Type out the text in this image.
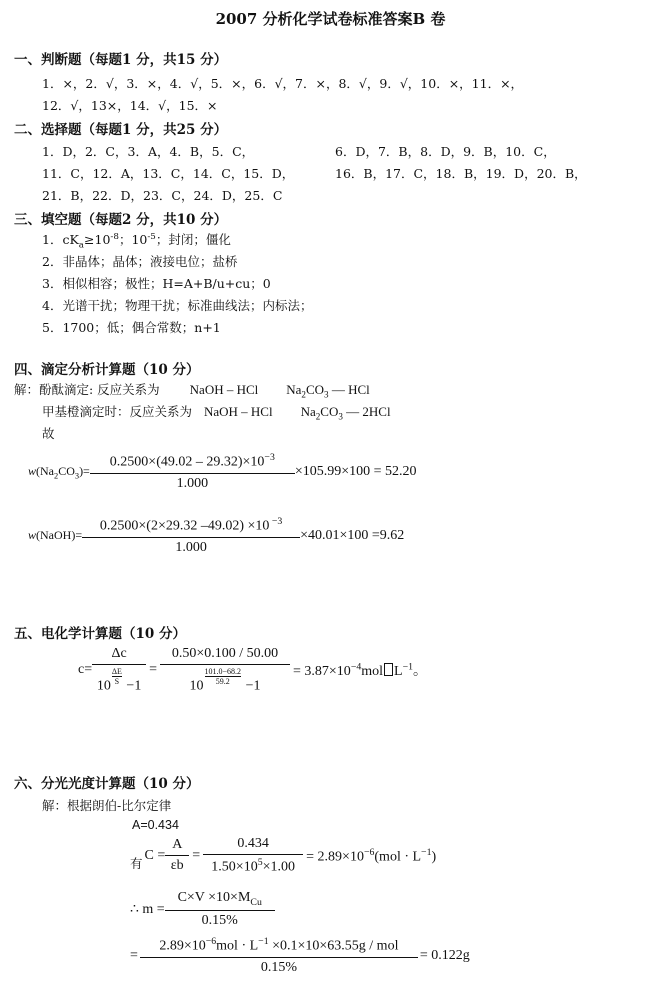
2007 分析化学试卷标准答案B 卷
一、判断题（每题1 分，共15 分）
1．×，2．√，3．×，4．√，5．×，6．√，7．×，8．√，9．√，10．×，11．×，
12．√，13×，14．√，15．×
二、选择题（每题1 分，共25 分）
1．D，2．C，3．A，4．B，5．C，	6．D，7．B，8．D，9．B，10．C，
11．C，12．A，13．C，14．C，15．D，	16．B，17．C，18．B，19．D，20．B，
21．B，22．D，23．C，24．D，25．C
三、填空题（每题2 分，共10 分）
1．$cK_a\ge 10^{-8}$；$10^{-5}$；封闭；僵化
2．非晶体；晶体；液接电位；盐桥
3．相似相容；极性；H=A+B/u+cu；0
4．光谱干扰；物理干扰；标准曲线法；内标法；
5．1700；低；偶合常数；n+1
四、滴定分析计算题（10 分）
解：酚酞滴定: 反应关系为 NaOH – HCl $Na_2CO_3$ — HCl
甲基橙滴定时：反应关系为 NaOH – HCl $Na_2CO_3$ — 2HCl
故
$w(Na_2CO_3)= \frac{0.2500\times(49.02 - 29.32)\times 10^{-3}}{1.000} \times 105.99\times 100 = 52.20$
w(NaOH)= $\frac{0.2500\times(2\times 29.32 -49.02) \times 10 ^{-3}}{1.000} \times 40.01\times 100 =9.62$
五、电化学计算题（10 分）
c= Δc
10
$\frac{\Delta E}{S}$
−1 = 0.50×0.100 / 50.00
10
$\frac{101.0-68.2}{59.2}$
$-1 = 3.87\times 10^{-4}mol$ $L^{-1}$。
六、分光光度计算题（10 分）
解：根据朗伯-比尔定律
A=0.434
有
$C = \frac{A}{\varepsilon b} = \frac{0.434}{1.50\times 10^5\times 1.00} = 2.89\times 10^{-6}(mol \cdot L^{-1})$
∴ $m = \frac{C\times V \times 10\times M_{Cu}}{0.15\%}$
= $\frac{2.89\times 10^{-6}mol \cdot L^{-1} \times 0.1\times 10\times 63.55g / mol}{0.15\%} = 0.122g$
